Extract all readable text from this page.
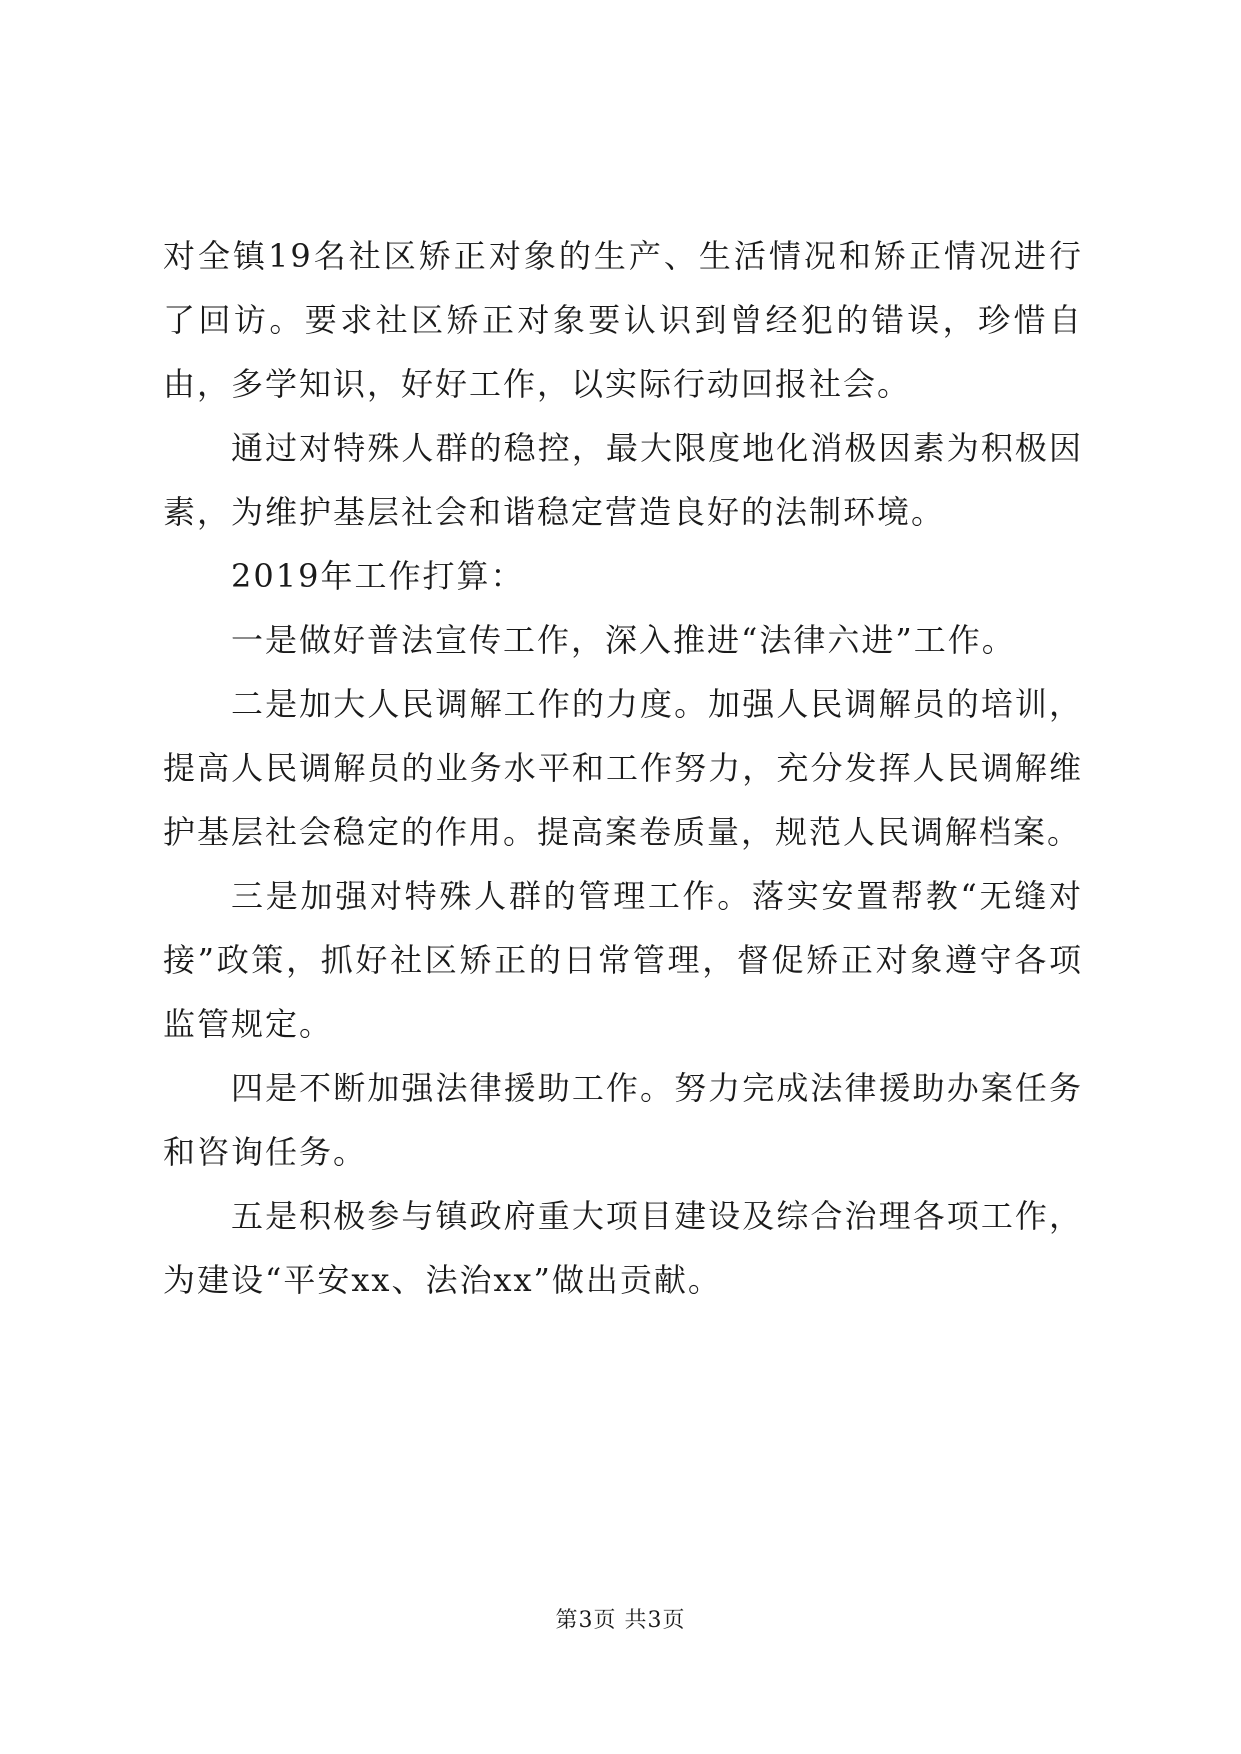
对全镇19名社区矫正对象的生产、生活情况和矫正情况进行了回访。要求社区矫正对象要认识到曾经犯的错误，珍惜自由，多学知识，好好工作，以实际行动回报社会。

通过对特殊人群的稳控，最大限度地化消极因素为积极因素，为维护基层社会和谐稳定营造良好的法制环境。

2019年工作打算：

一是做好普法宣传工作，深入推进“法律六进”工作。

二是加大人民调解工作的力度。加强人民调解员的培训，提高人民调解员的业务水平和工作努力，充分发挥人民调解维护基层社会稳定的作用。提高案卷质量，规范人民调解档案。

三是加强对特殊人群的管理工作。落实安置帮教“无缝对接”政策，抓好社区矫正的日常管理，督促矫正对象遵守各项监管规定。

四是不断加强法律援助工作。努力完成法律援助办案任务和咨询任务。

五是积极参与镇政府重大项目建设及综合治理各项工作，为建设“平安xx、法治xx”做出贡献。

第3页 共3页
